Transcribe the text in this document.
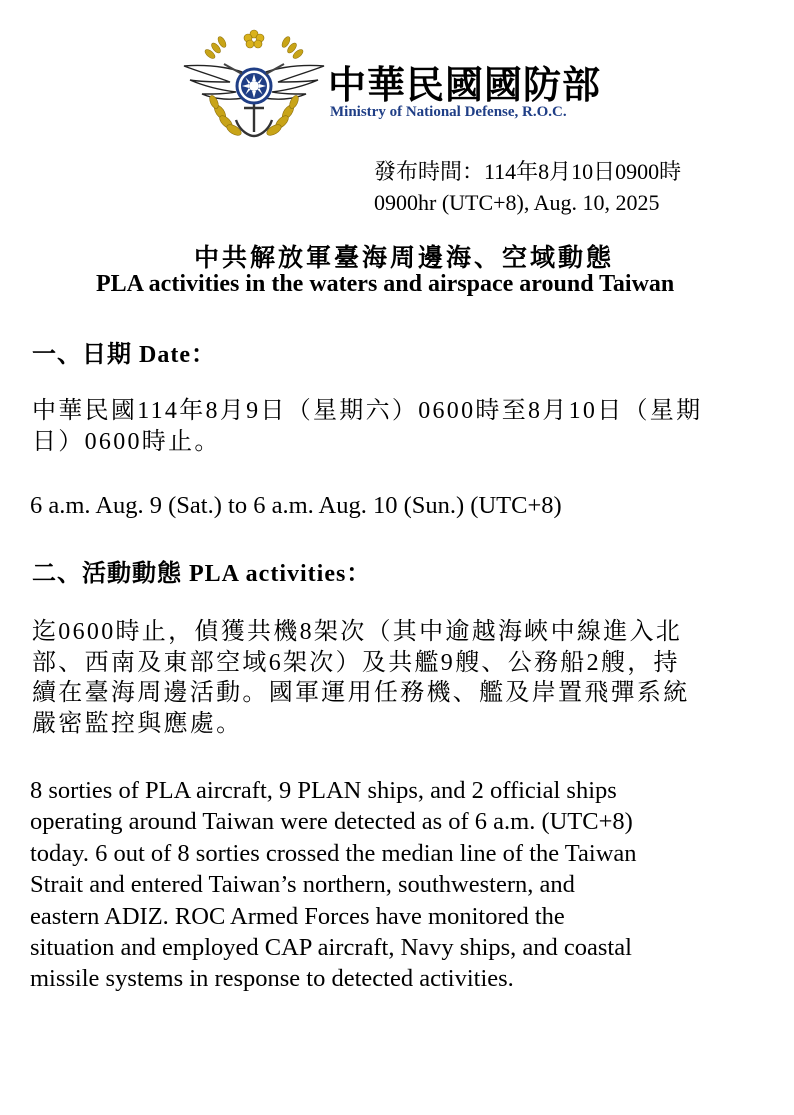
中華民國國防部
Ministry of National Defense, R.O.C.
發布時間：114年8月10日0900時
0900hr (UTC+8), Aug. 10, 2025
中共解放軍臺海周邊海、空域動態
PLA activities in the waters and airspace around Taiwan
一、日期 Date：

中華民國114年8月9日（星期六）0600時至8月10日（星期
日）0600時止。

6 a.m. Aug. 9 (Sat.) to 6 a.m. Aug. 10 (Sun.) (UTC+8)

二、活動動態 PLA activities：

迄0600時止，偵獲共機8架次（其中逾越海峽中線進入北
部、西南及東部空域6架次）及共艦9艘、公務船2艘，持
續在臺海周邊活動。國軍運用任務機、艦及岸置飛彈系統
嚴密監控與應處。

8 sorties of PLA aircraft, 9 PLAN ships, and 2 official ships
operating around Taiwan were detected as of 6 a.m. (UTC+8)
today. 6 out of 8 sorties crossed the median line of the Taiwan
Strait and entered Taiwan’s northern, southwestern, and
eastern ADIZ. ROC Armed Forces have monitored the
situation and employed CAP aircraft, Navy ships, and coastal
missile systems in response to detected activities.
